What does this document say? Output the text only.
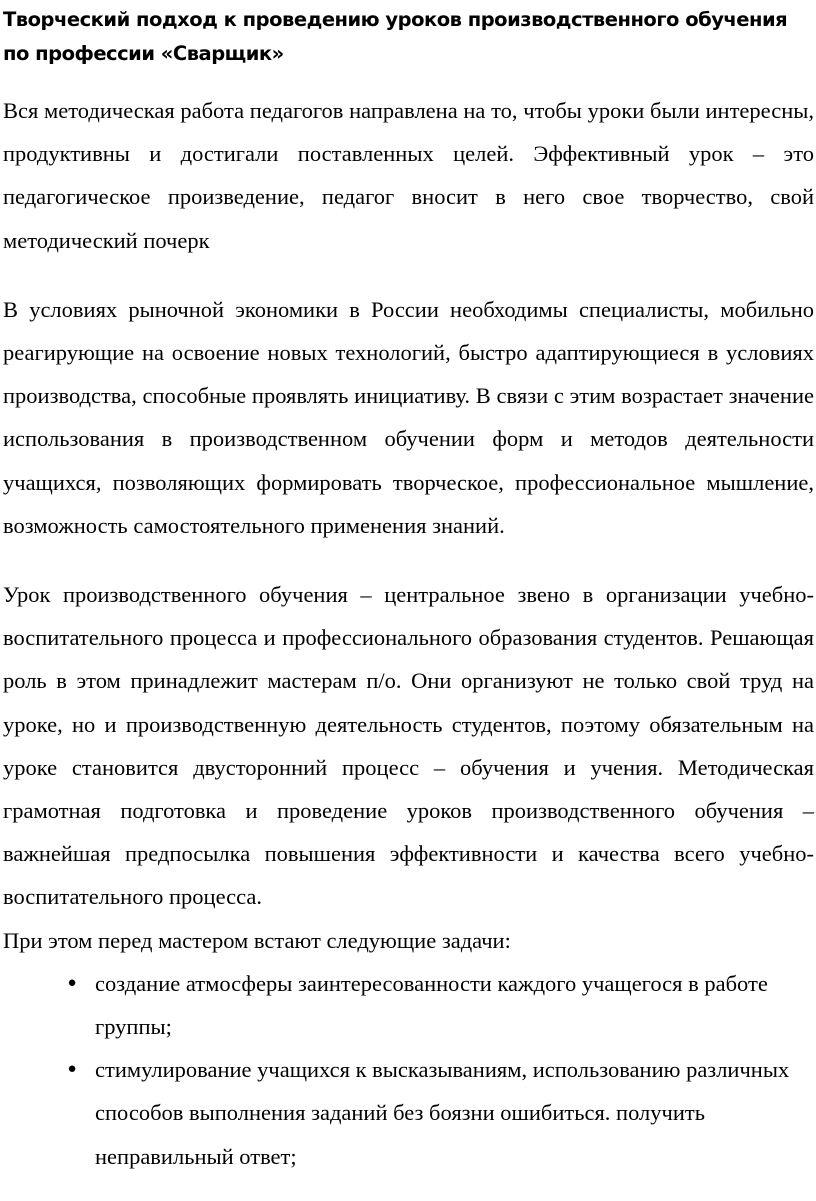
Творческий подход к проведению уроков производственного обучения по профессии «Сварщик»

Вся методическая работа педагогов направлена на то, чтобы уроки были интересны, продуктивны и достигали поставленных целей. Эффективный урок – это педагогическое произведение, педагог вносит в него свое творчество, свой методический почерк

В условиях рыночной экономики в России необходимы специалисты, мобильно реагирующие на освоение новых технологий, быстро адаптирующиеся в условиях производства, способные проявлять инициативу. В связи с этим возрастает значение использования в производственном обучении форм и методов деятельности учащихся, позволяющих формировать творческое, профессиональное мышление, возможность самостоятельного применения знаний.

Урок производственного обучения – центральное звено в организации учебно-воспитательного процесса и профессионального образования студентов. Решающая роль в этом принадлежит мастерам п/о. Они организуют не только свой труд на уроке, но и производственную деятельность студентов, поэтому обязательным на уроке становится двусторонний процесс – обучения и учения. Методическая грамотная подготовка и проведение уроков производственного обучения – важнейшая предпосылка повышения эффективности и качества всего учебно-воспитательного процесса.

При этом перед мастером встают следующие задачи:

●
создание атмосферы заинтересованности каждого учащегося в работе группы;
●
стимулирование учащихся к высказываниям, использованию различных способов выполнения заданий без боязни ошибиться. получить неправильный ответ;
